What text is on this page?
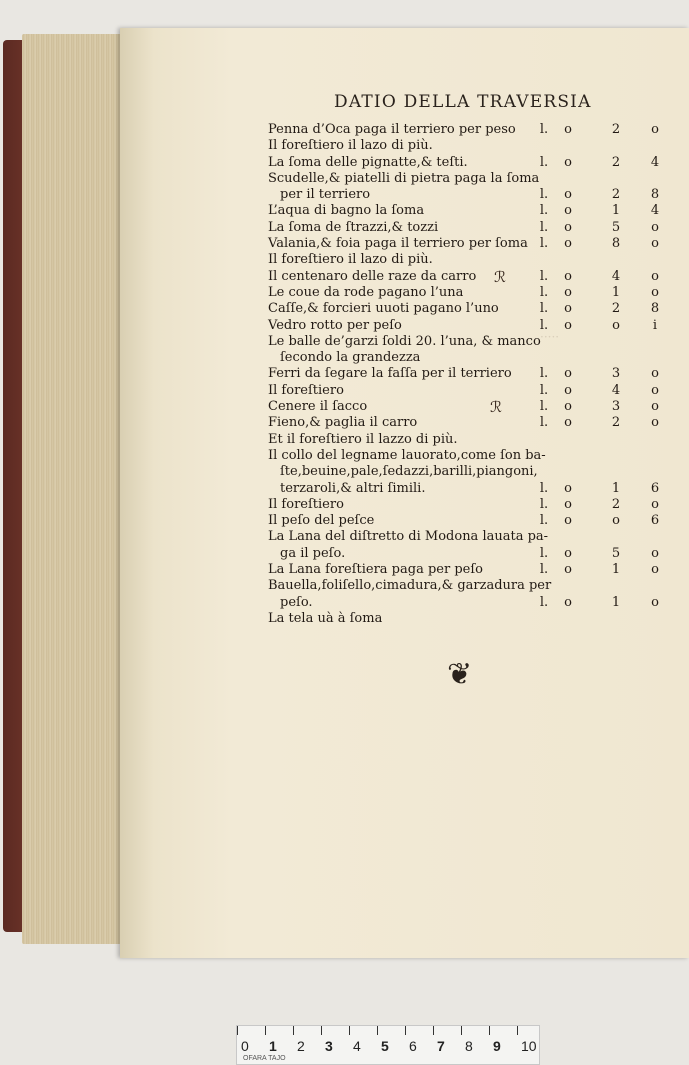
·····
DATIO DELLA TRAVERSIA
Penna d’Oca paga il terriero per peso	l.	o	2	o
Il foreſtiero il lazo di più.
La ſoma delle pignatte,& teſti.	l.	o	2	4
Scudelle,& piatelli di pietra paga la ſoma
per il terriero	l.	o	2	8
L’aqua di bagno la ſoma	l.	o	1	4
La ſoma de ſtrazzi,& tozzi	l.	o	5	o
Valania,& foia paga il terriero per ſoma l.	o	8	o
Il foreſtiero il lazo di più.
Il centenaro delle raze da carro	l.	o	4	o
Le coue da rode pagano l’una	l.	o	1	o
Caſſe,& forcieri uuoti pagano l’uno	l.	o	2	8
Vedro rotto per peſo	l.	o	o	i
Le balle de’garzi ſoldi 20. l’una, & manco
ſecondo la grandezza
Ferri da ſegare la faſſa per il terriero	l.	o	3	o
Il foreſtiero	l.	o	4	o
Cenere il ſacco	l.	o	3	o
Fieno,& paglia il carro	l.	o	2	o
Et il foreſtiero il lazzo di più.
Il collo del legname lauorato,come ſon ba-
ſte,beuine,pale,ſedazzi,barilli,piangoni,
terzaroli,& altri ſimili.	l.	o	1	6
Il foreſtiero	l.	o	2	o
Il peſo del peſce	l.	o	o	6
La Lana del diſtretto di Modona lauata pa-
ga il peſo.	l.	o	5	o
La Lana foreſtiera paga per peſo	l.	o	1	o
Bauella,foliſello,cimadura,& garzadura per
peſo.	l.	o	1	o
La tela uà à ſoma
ℛ
ℛ
❦
OFARA TAJO
0 1 2 3 4 5 6 7 8 9 10
